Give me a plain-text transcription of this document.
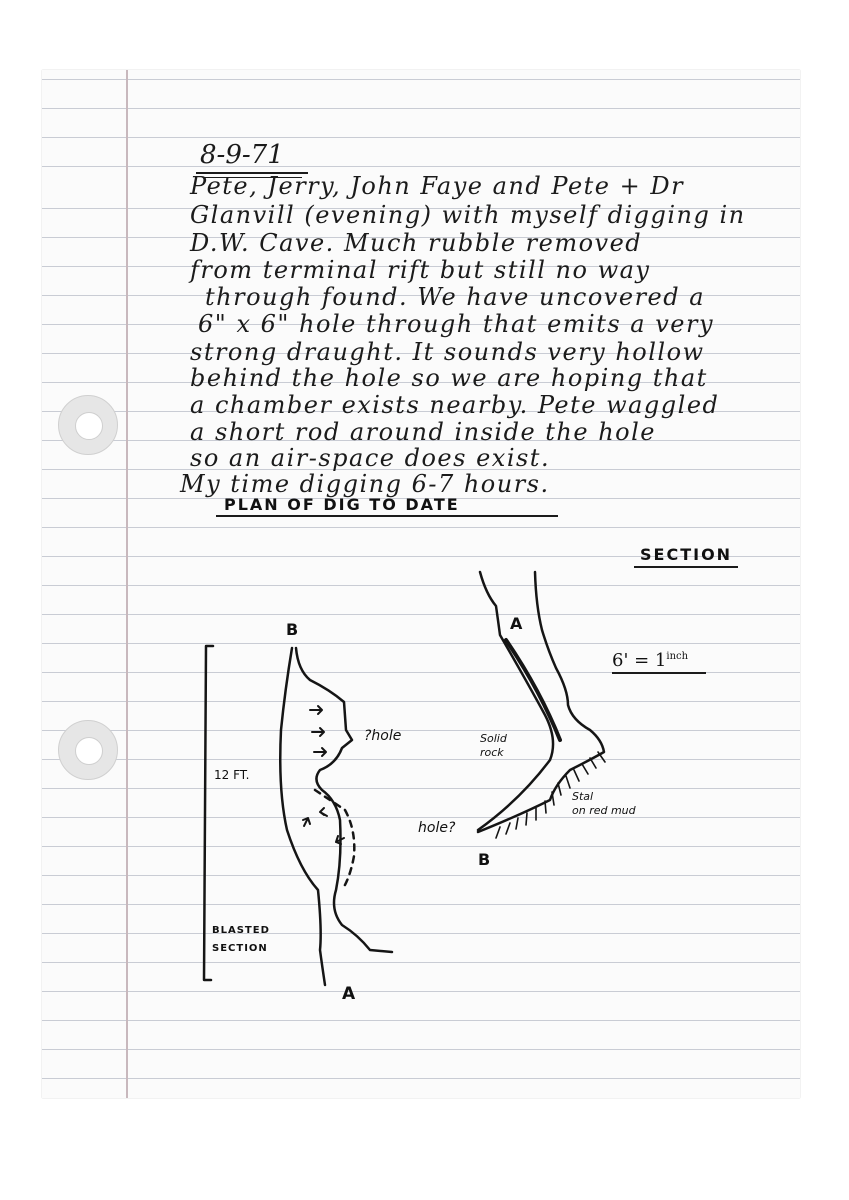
8-9-71
Pete, Jerry, John Faye and Pete + Dr
Glanvill (evening) with myself digging in
D.W. Cave. Much rubble removed
from terminal rift but still no way
through found. We have uncovered a
6" x 6" hole through that emits a very
strong draught. It sounds very hollow
behind the hole so we are hoping that
a chamber exists nearby. Pete waggled
a short rod around inside the hole
so an air-space does exist.
My time digging 6-7 hours.
PLAN OF DIG TO DATE
SECTION
$6' = 1^{inch}$
B
A
?hole
12 FT.
BLASTED
SECTION
A
B
Solid
rock
Stal
on red mud
hole?
